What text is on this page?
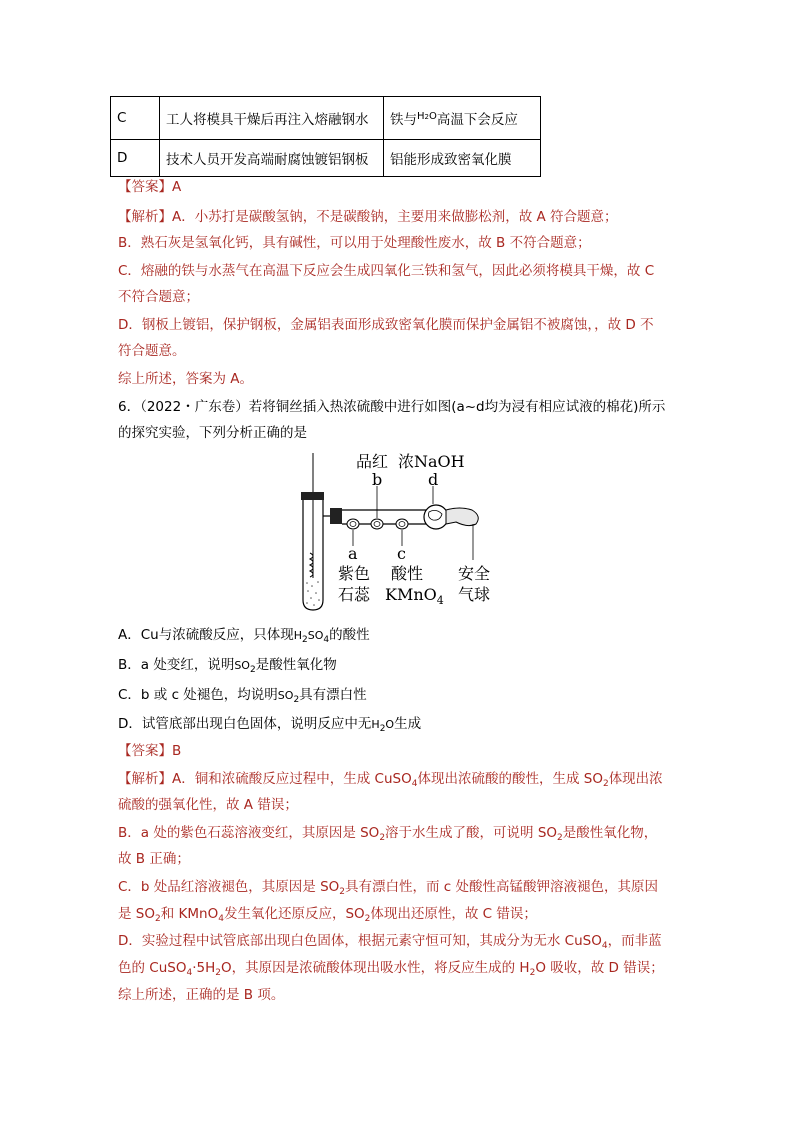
C	工人将模具干燥后再注入熔融钢水	铁与$^{H2O}$高温下会反应
D	技术人员开发高端耐腐蚀镀铝钢板	铝能形成致密氧化膜
【答案】A
【解析】A．小苏打是碳酸氢钠，不是碳酸钠，主要用来做膨松剂，故 A 符合题意；
B．熟石灰是氢氧化钙，具有碱性，可以用于处理酸性废水，故 B 不符合题意；
C．熔融的铁与水蒸气在高温下反应会生成四氧化三铁和氢气，因此必须将模具干燥，故 C
不符合题意；
D．钢板上镀铝，保护钢板，金属铝表面形成致密氧化膜而保护金属铝不被腐蚀，，故 D 不
符合题意。
综上所述，答案为 A。
6．（2022・广东卷）若将铜丝插入热浓硫酸中进行如图(a~d均为浸有相应试液的棉花)所示
的探究实验，下列分析正确的是
品红 浓NaOH
b	d
a c
紫色
石蕊
酸性
KMnO$_4$
安全
气球
A．Cu与浓硫酸反应，只体现$H_2SO_4$的酸性
B．a 处变红，说明$SO_2$是酸性氧化物
C．b 或 c 处褪色，均说明$SO_2$具有漂白性
D．试管底部出现白色固体，说明反应中无$H_2O$生成
【答案】B
【解析】A．铜和浓硫酸反应过程中，生成 CuSO$_4$体现出浓硫酸的酸性，生成 $SO_2$体现出浓
硫酸的强氧化性，故 A 错误；
B．a 处的紫色石蕊溶液变红，其原因是 $SO_2$溶于水生成了酸，可说明 $SO_2$是酸性氧化物，
故 B 正确；
C．b 处品红溶液褪色，其原因是 $SO_2$具有漂白性，而 c 处酸性高锰酸钾溶液褪色，其原因
是 $SO_2$和 KMnO$_4$发生氧化还原反应，$SO_2$体现出还原性，故 C 错误；
D．实验过程中试管底部出现白色固体，根据元素守恒可知，其成分为无水 CuSO$_4$，而非蓝
色的 $CuSO_4\cdot 5H_2O$，其原因是浓硫酸体现出吸水性，将反应生成的 $H_2O$ 吸收，故 D 错误；
综上所述，正确的是 B 项。
